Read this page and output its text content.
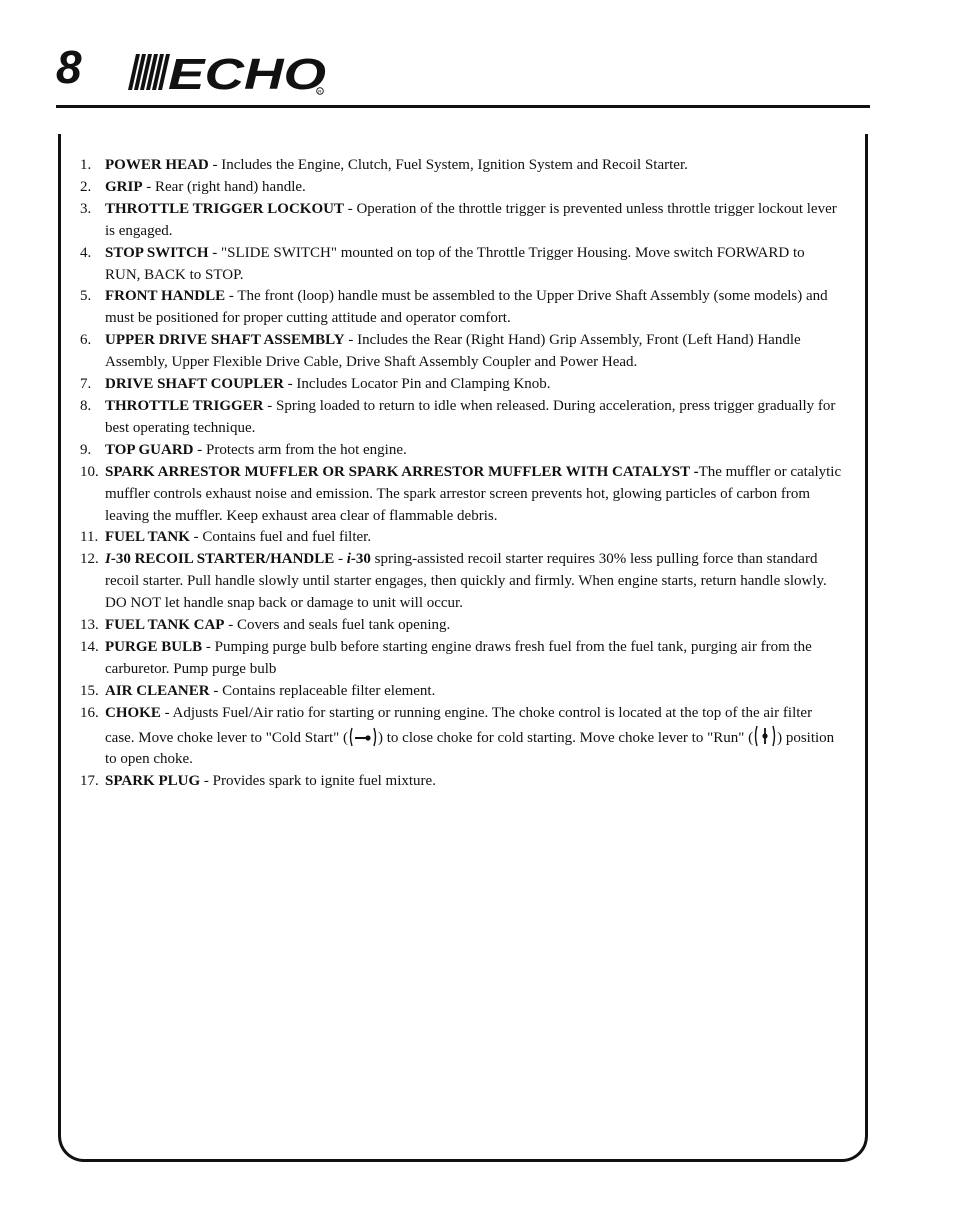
8 ECHO
R
1. POWER HEAD - Includes the Engine, Clutch, Fuel System, Ignition System and Recoil Starter.
2. GRIP - Rear (right hand) handle.
3. THROTTLE TRIGGER LOCKOUT - Operation of the throttle trigger is prevented unless throttle trigger lockout lever is engaged.
4. STOP SWITCH - "SLIDE SWITCH" mounted on top of the Throttle Trigger Housing. Move switch FORWARD to RUN, BACK to STOP.
5. FRONT HANDLE - The front (loop) handle must be assembled to the Upper Drive Shaft Assembly (some models) and must be positioned for proper cutting attitude and operator comfort.
6. UPPER DRIVE SHAFT ASSEMBLY - Includes the Rear (Right Hand) Grip Assembly, Front (Left Hand) Handle Assembly, Upper Flexible Drive Cable, Drive Shaft Assembly Coupler and Power Head.
7. DRIVE SHAFT COUPLER - Includes Locator Pin and Clamping Knob.
8. THROTTLE TRIGGER - Spring loaded to return to idle when released. During acceleration, press trigger gradually for best operating technique.
9. TOP GUARD - Protects arm from the hot engine.
10. SPARK ARRESTOR MUFFLER OR SPARK ARRESTOR MUFFLER WITH CATALYST -The muffler or catalytic muffler controls exhaust noise and emission. The spark arrestor screen prevents hot, glowing particles of carbon from leaving the muffler. Keep exhaust area clear of flammable debris.
11. FUEL TANK - Contains fuel and fuel filter.
12. I-30 RECOIL STARTER/HANDLE - i-30 spring-assisted recoil starter requires 30% less pulling force than standard recoil starter. Pull handle slowly until starter engages, then quickly and firmly. When engine starts, return handle slowly. DO NOT let handle snap back or damage to unit will occur.
13. FUEL TANK CAP - Covers and seals fuel tank opening.
14. PURGE BULB - Pumping purge bulb before starting engine draws fresh fuel from the fuel tank, purging air from the carburetor. Pump purge bulb
15. AIR CLEANER - Contains replaceable filter element.
16. CHOKE - Adjusts Fuel/Air ratio for starting or running engine. The choke control is located at the top of the air filter case. Move choke lever to "Cold Start" ( ) to close choke for cold starting. Move choke lever to "Run" ( ) position to open choke.
17. SPARK PLUG - Provides spark to ignite fuel mixture.
